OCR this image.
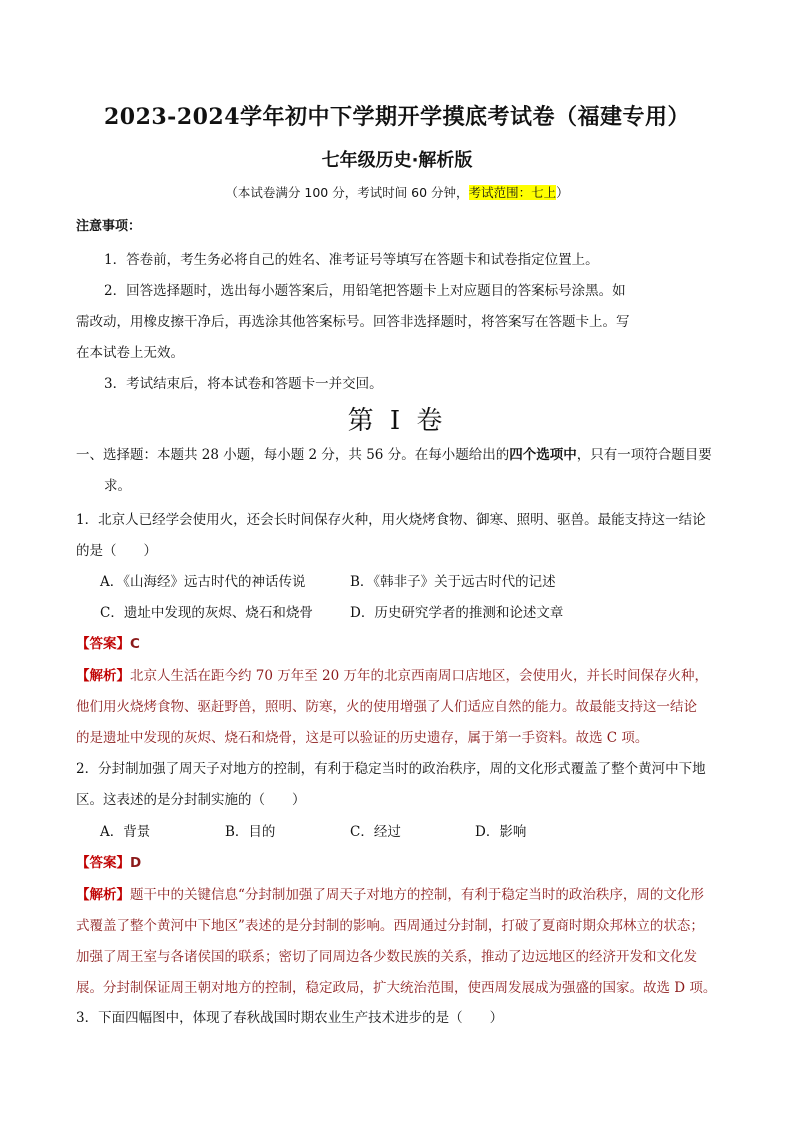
2023-2024学年初中下学期开学摸底考试卷（福建专用）
七年级历史·解析版
（本试卷满分 100 分，考试时间 60 分钟，考试范围：七上）
注意事项：
1．答卷前，考生务必将自己的姓名、准考证号等填写在答题卡和试卷指定位置上。
2．回答选择题时，选出每小题答案后，用铅笔把答题卡上对应题目的答案标号涂黑。如
需改动，用橡皮擦干净后，再选涂其他答案标号。回答非选择题时，将答案写在答题卡上。写
在本试卷上无效。
3．考试结束后，将本试卷和答题卡一并交回。
第 I 卷
一、选择题：本题共 28 小题，每小题 2 分，共 56 分。在每小题给出的四个选项中，只有一项符合题目要
求。
1．北京人已经学会使用火，还会长时间保存火种，用火烧烤食物、御寒、照明、驱兽。最能支持这一结论
的是（　　）
A．《山海经》远古时代的神话传说	B．《韩非子》关于远古时代的记述
C．遗址中发现的灰烬、烧石和烧骨	D．历史研究学者的推测和论述文章
【答案】C
【解析】北京人生活在距今约 70 万年至 20 万年的北京西南周口店地区，会使用火，并长时间保存火种，
他们用火烧烤食物、驱赶野兽，照明、防寒，火的使用增强了人们适应自然的能力。故最能支持这一结论
的是遗址中发现的灰烬、烧石和烧骨，这是可以验证的历史遗存，属于第一手资料。故选 C 项。
2．分封制加强了周天子对地方的控制，有利于稳定当时的政治秩序，周的文化形式覆盖了整个黄河中下地
区。这表述的是分封制实施的（　　）
A．背景	B．目的	C．经过	D．影响
【答案】D
【解析】题干中的关键信息“分封制加强了周天子对地方的控制，有利于稳定当时的政治秩序，周的文化形
式覆盖了整个黄河中下地区”表述的是分封制的影响。西周通过分封制，打破了夏商时期众邦林立的状态；
加强了周王室与各诸侯国的联系；密切了同周边各少数民族的关系，推动了边远地区的经济开发和文化发
展。分封制保证周王朝对地方的控制，稳定政局，扩大统治范围，使西周发展成为强盛的国家。故选 D 项。
3．下面四幅图中，体现了春秋战国时期农业生产技术进步的是（　　）
